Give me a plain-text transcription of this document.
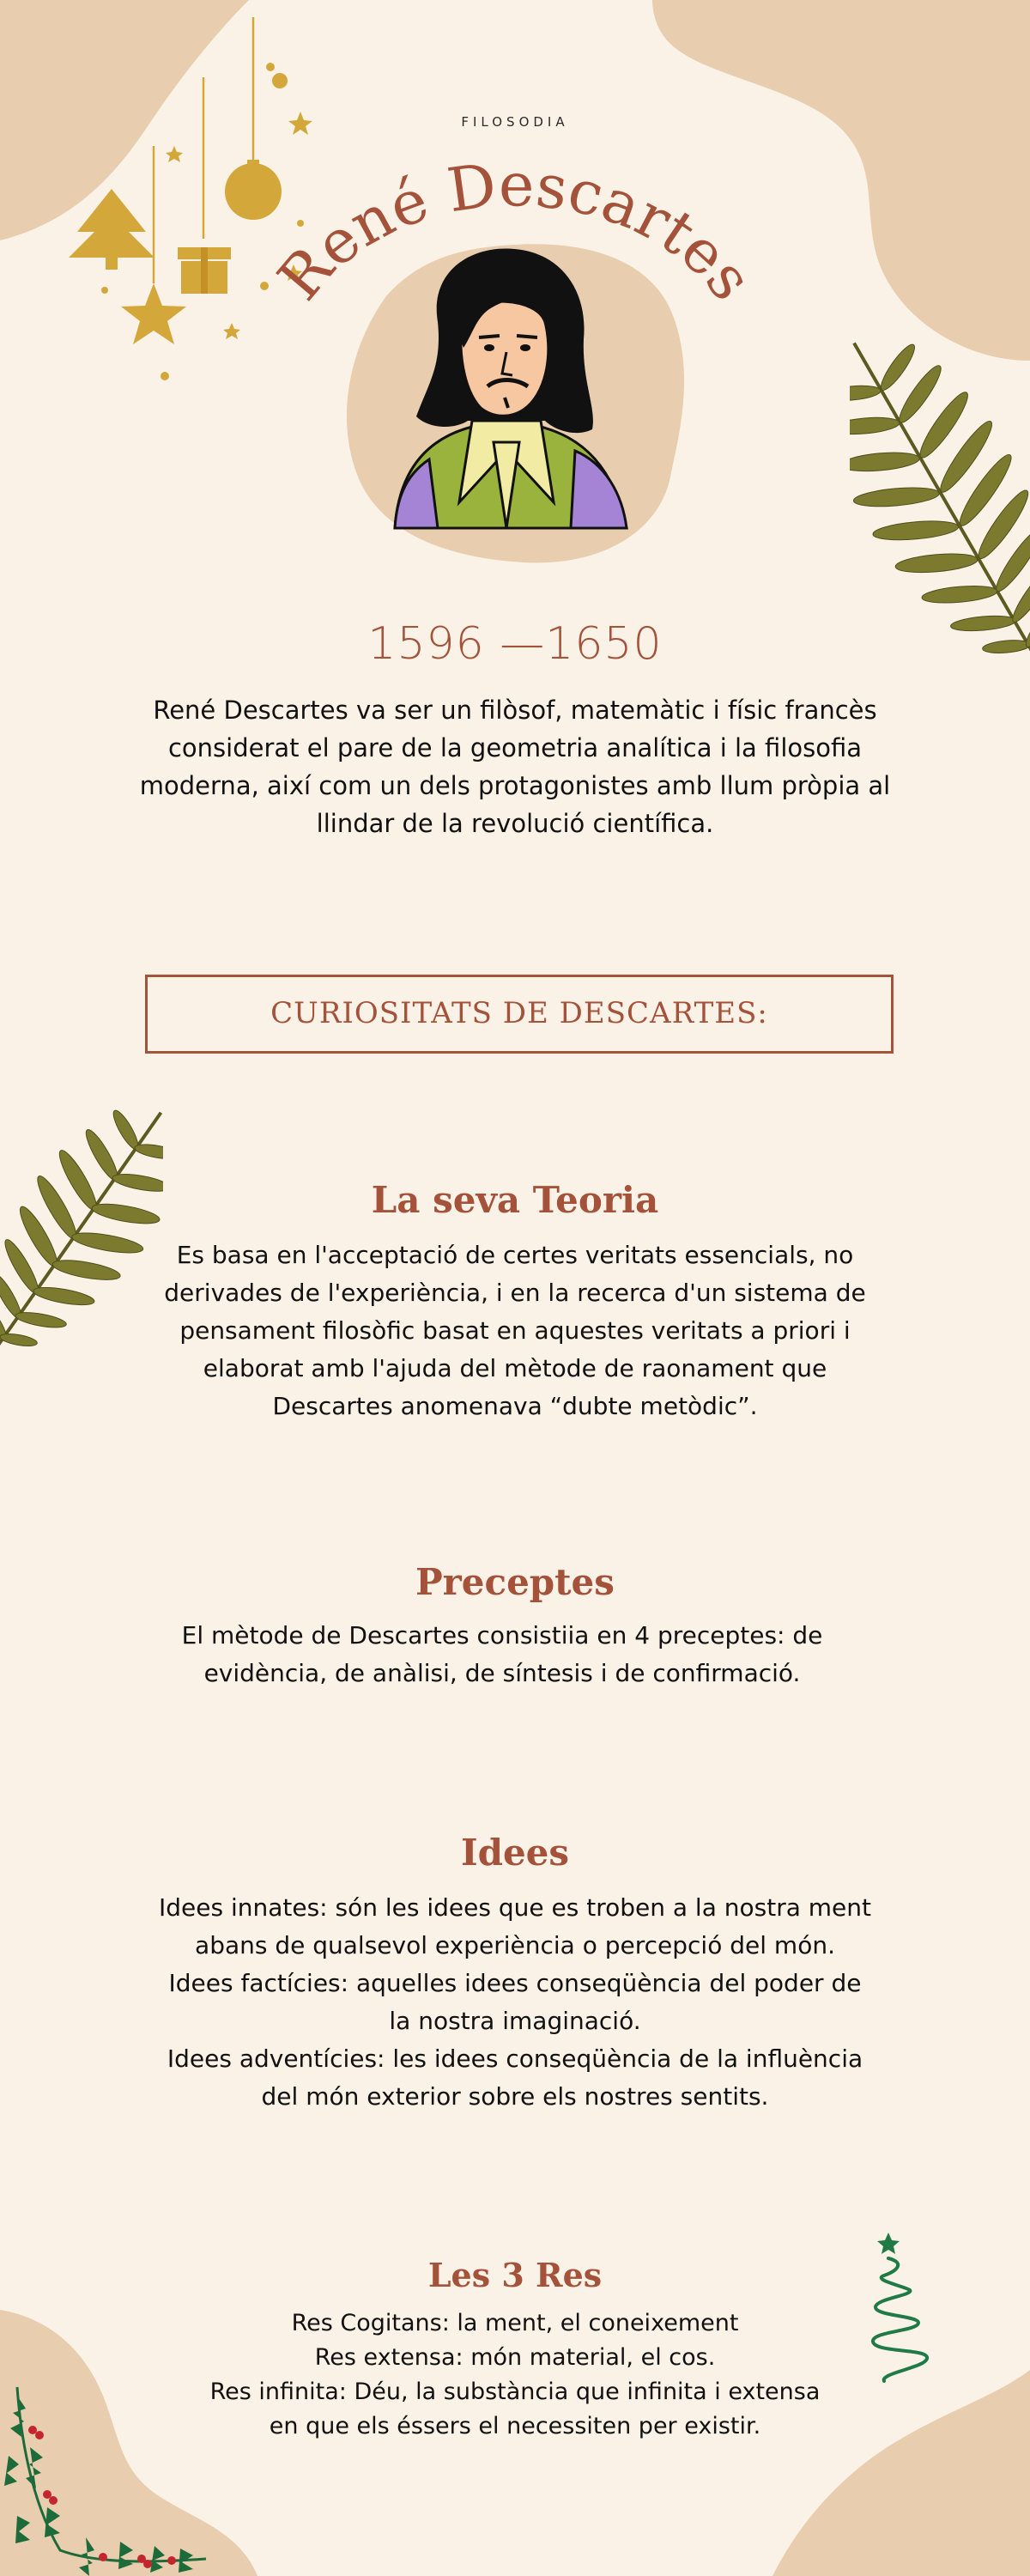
FILOSODIA
René Descartes
1596 —1650
René Descartes va ser un filòsof, matemàtic i físic francès considerat el pare de la geometria analítica i la filosofia moderna, així com un dels protagonistes amb llum pròpia al llindar de la revolució científica.
CURIOSITATS DE DESCARTES:
La seva Teoria
Es basa en l'acceptació de certes veritats essencials, no
derivades de l'experiència, i en la recerca d'un sistema de
pensament filosòfic basat en aquestes veritats a priori i
elaborat amb l'ajuda del mètode de raonament que
Descartes anomenava “dubte metòdic”.
Preceptes
El mètode de Descartes consistiia en 4 preceptes: de
evidència, de anàlisi, de síntesis i de confirmació.
Idees
Idees innates: són les idees que es troben a la nostra ment
abans de qualsevol experiència o percepció del món.
Idees factícies: aquelles idees conseqüència del poder de
la nostra imaginació.
Idees adventícies: les idees conseqüència de la influència
del món exterior sobre els nostres sentits.
Les 3 Res
Res Cogitans: la ment, el coneixement
Res extensa: món material, el cos.
Res infinita: Déu, la substància que infinita i extensa
en que els éssers el necessiten per existir.
